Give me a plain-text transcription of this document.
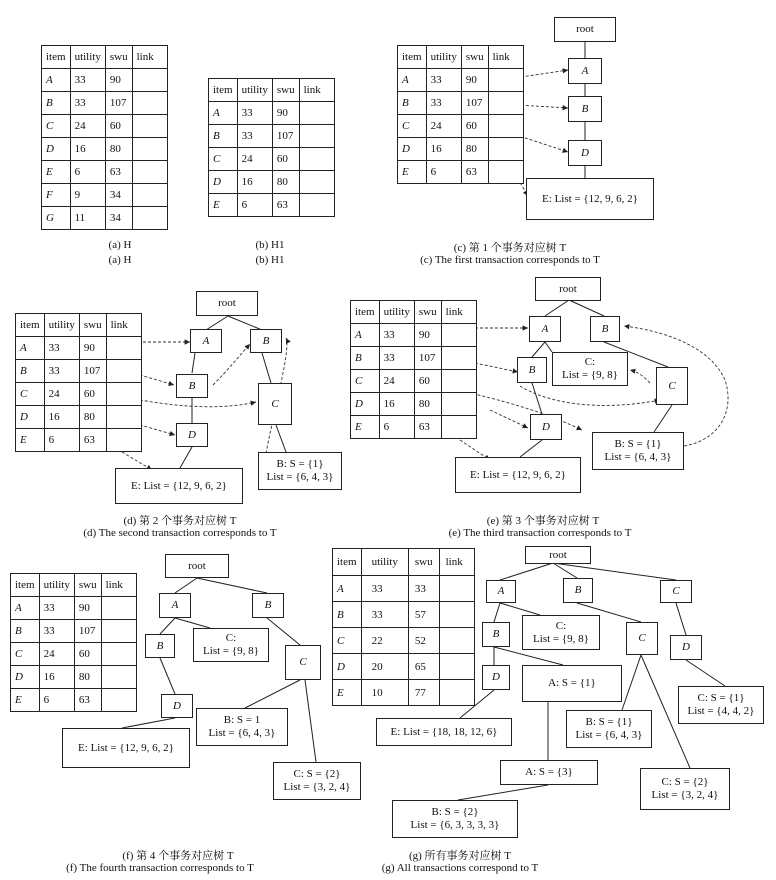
item	utility	swu	link
A	33	90	
B	33	107	
C	24	60	
D	16	80	
E	6	63	
F	9	34	
G	11	34	
(a) H
(a) H
item	utility	swu	link
A	33	90	
B	33	107	
C	24	60	
D	16	80	
E	6	63	
(b) H1
(b) H1
item	utility	swu	link
A	33	90	
B	33	107	
C	24	60	
D	16	80	
E	6	63	
root
A
B
D
E: List = {12, 9, 6, 2}
(c) 第 1 个事务对应树 T
(c) The first transaction corresponds to T
item	utility	swu	link
A	33	90	
B	33	107	
C	24	60	
D	16	80	
E	6	63	
root
A	B
B
C
D
B: S = {1}
List = {6, 4, 3}
E: List = {12, 9, 6, 2}
(d) 第 2 个事务对应树 T
(d) The second transaction corresponds to T
item	utility	swu	link
A	33	90	
B	33	107	
C	24	60	
D	16	80	
E	6	63	
root
A	B
C:
List = {9, 8}
B
C
D
B: S = {1}
List = {6, 4, 3}
E: List = {12, 9, 6, 2}
(e) 第 3 个事务对应树 T
(e) The third transaction corresponds to T
item	utility	swu	link
A	33	90	
B	33	107	
C	24	60	
D	16	80	
E	6	63	
root
A	B
B
C:
List = {9, 8}
C
D
B: S = 1
List = {6, 4, 3}
E: List = {12, 9, 6, 2}
C: S = {2}
List = {3, 2, 4}
(f) 第 4 个事务对应树 T
(f) The fourth transaction corresponds to T
item	utility	swu	link
A	33	33	
B	33	57	
C	22	52	
D	20	65	
E	10	77	
root
A	B	C
C:
List = {9, 8}
B	C
D
D	A: S = {1}
C: S = {1}
List = {4, 4, 2}
B: S = {1}
List = {6, 4, 3}
E: List = {18, 18, 12, 6}
A: S = {3}
C: S = {2}
List = {3, 2, 4}
B: S = {2}
List = {6, 3, 3, 3, 3}
(g) 所有事务对应树 T
(g) All transactions correspond to T
